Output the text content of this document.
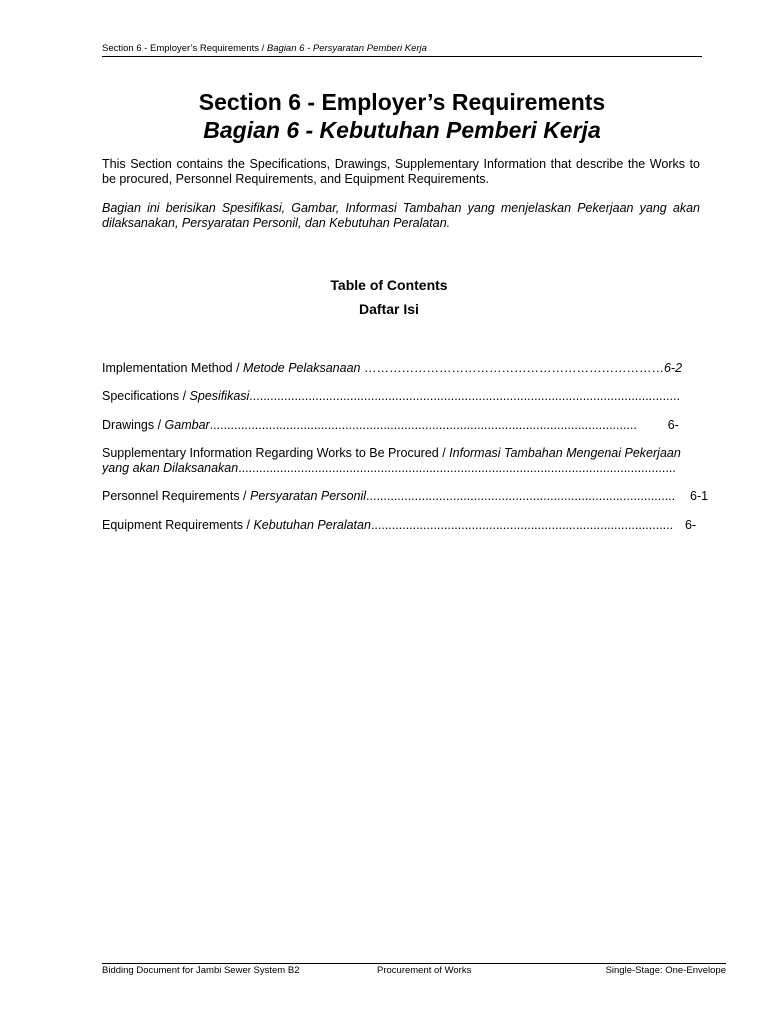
Section 6 - Employer’s Requirements / Bagian 6 - Persyaratan Pemberi Kerja
Section 6 - Employer’s Requirements
Bagian 6 - Kebutuhan Pemberi Kerja

This Section contains the Specifications, Drawings, Supplementary Information that describe the Works to be procured, Personnel Requirements, and Equipment Requirements.

Bagian ini berisikan Spesifikasi, Gambar, Informasi Tambahan yang menjelaskan Pekerjaan yang akan dilaksanakan, Persyaratan Personil, dan Kebutuhan Peralatan.

Table of Contents
Daftar Isi
Implementation Method / Metode Pelaksanaan ………………………………………………………………6-2
Specifications / Spesifikasi............................................................................................................................
Drawings / Gambar........................................................................................................................... 6-
Supplementary Information Regarding Works to Be Procured / Informasi Tambahan Mengenai Pekerjaan
yang akan Dilaksanakan..............................................................................................................................
Personnel Requirements / Persyaratan Personil......................................................................................... 6-1
Equipment Requirements / Kebutuhan Peralatan....................................................................................... 6-
Bidding Document for Jambi Sewer System B2	Procurement of Works	Single-Stage: One-Envelope
